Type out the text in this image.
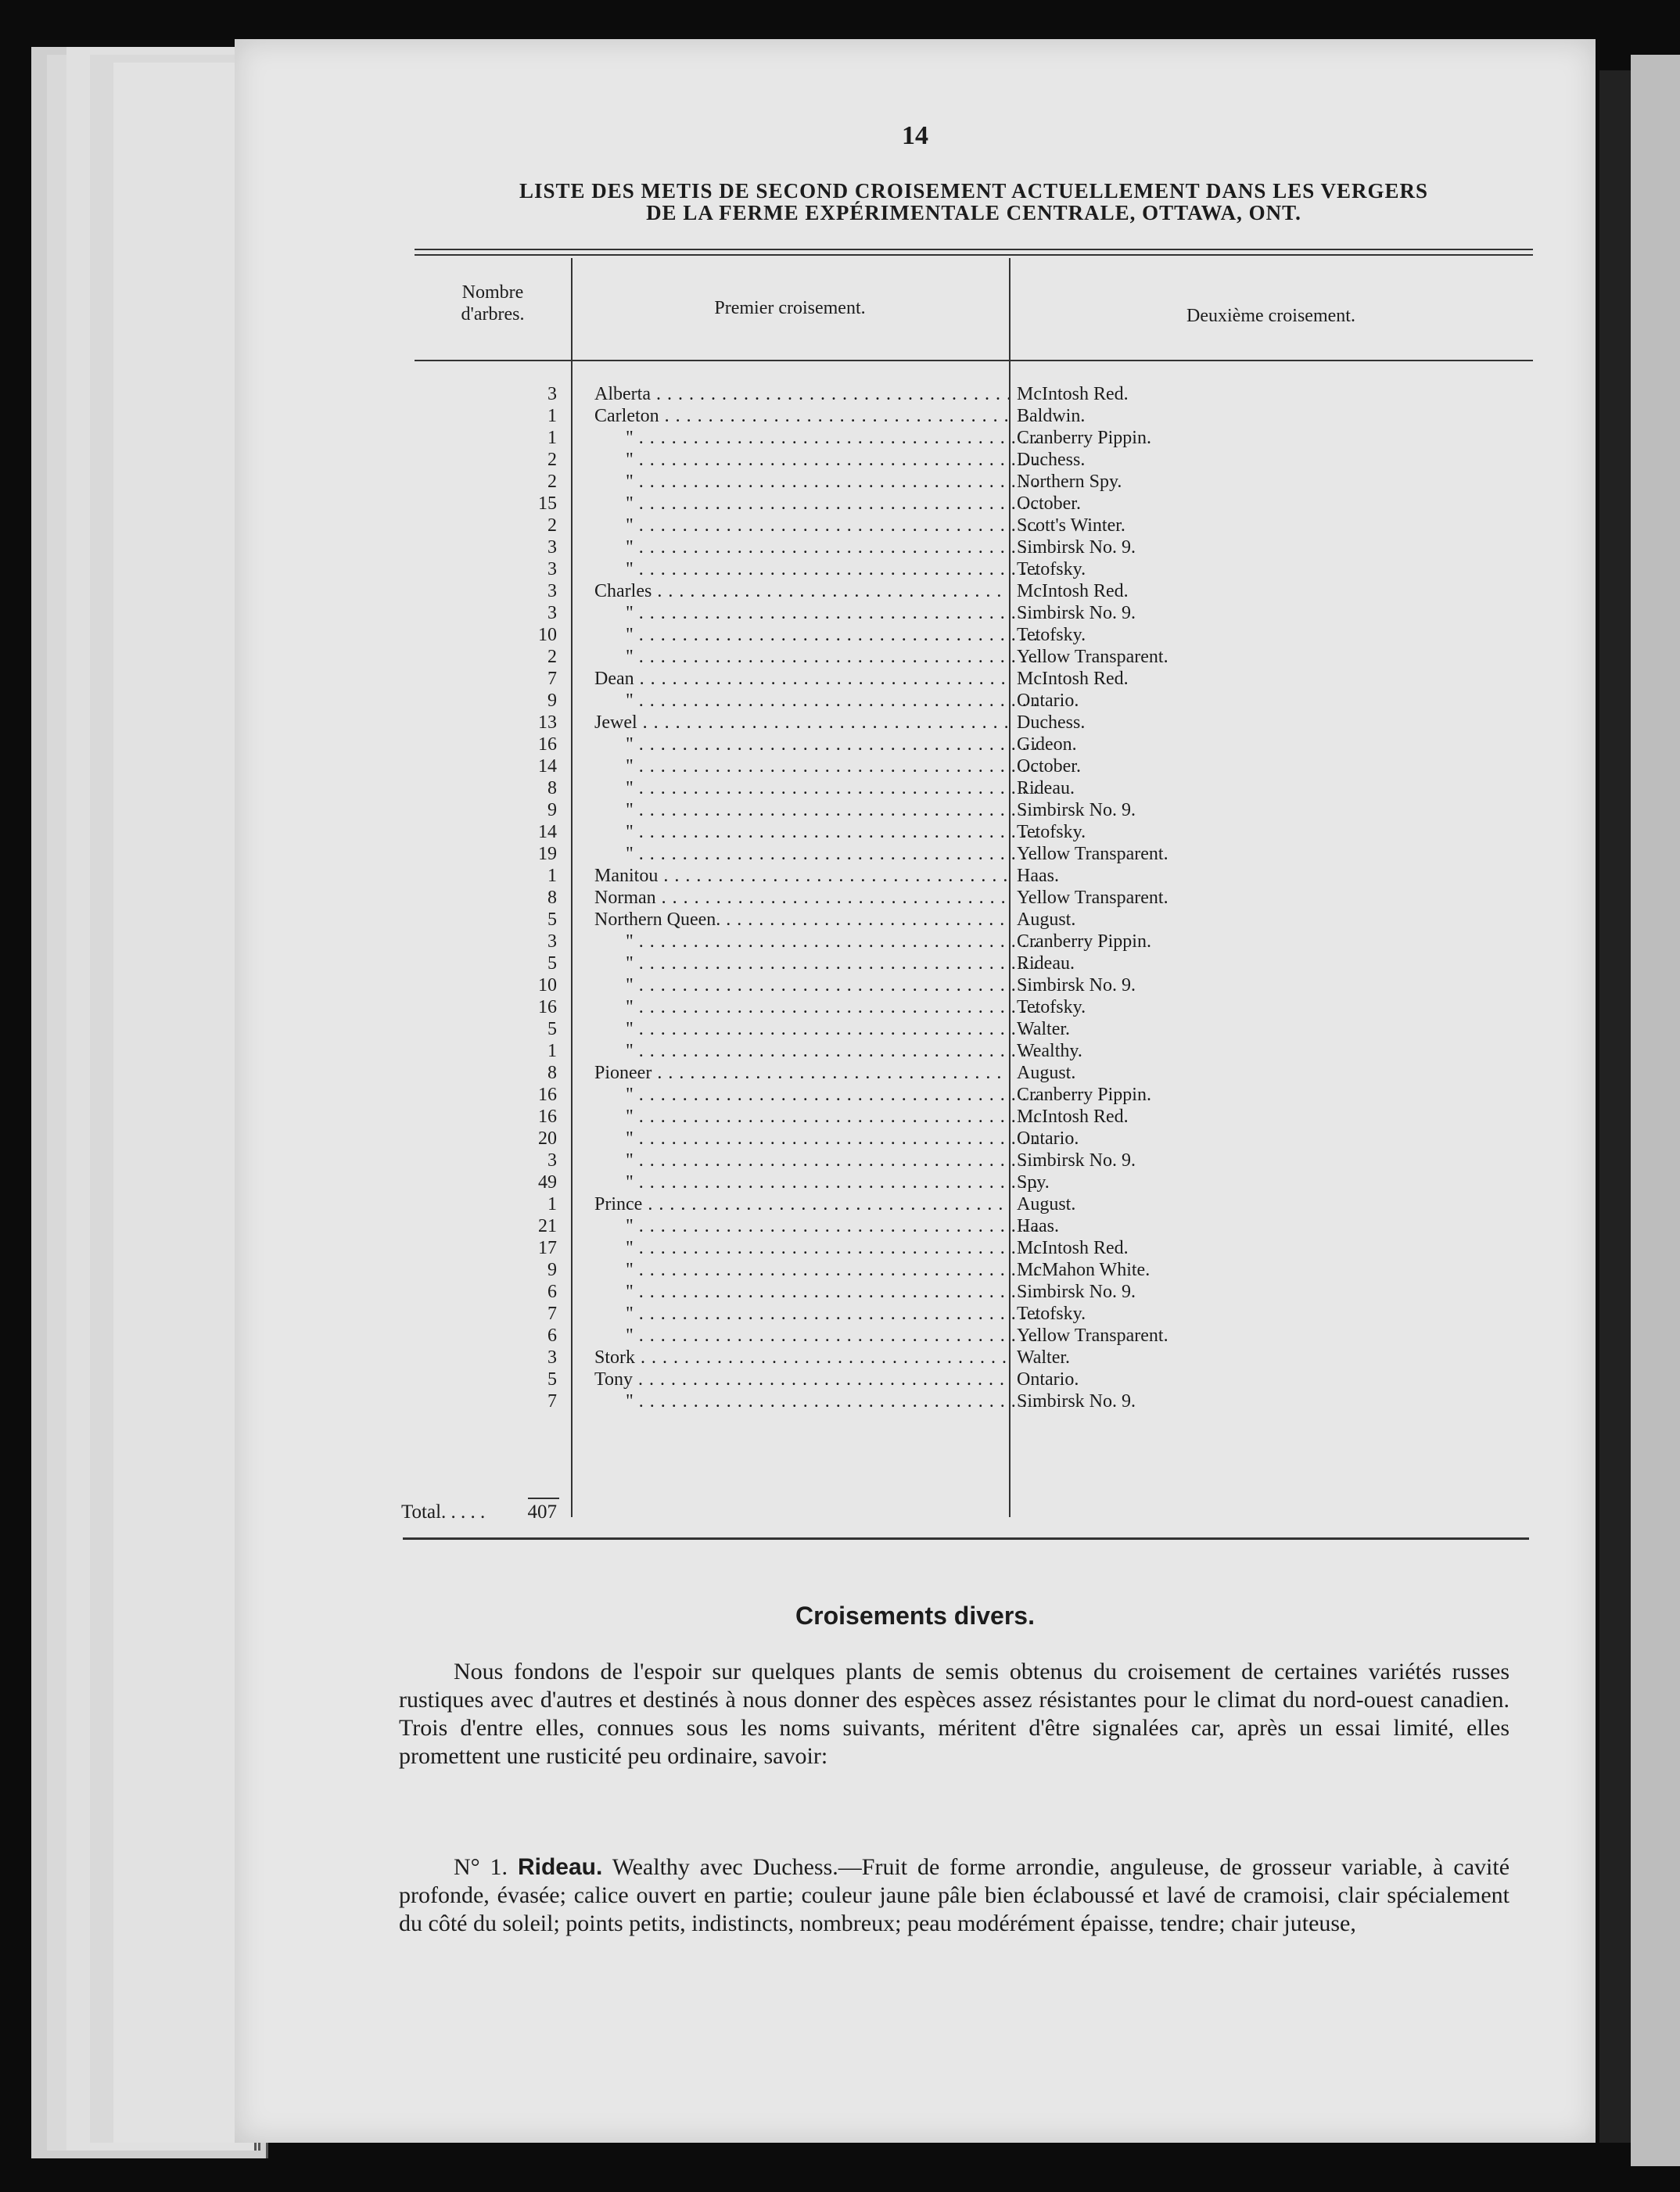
14
LISTE DES METIS DE SECOND CROISEMENT ACTUELLEMENT DANS LES VERGERS
DE LA FERME EXPÉRIMENTALE CENTRALE, OTTAWA, ONT.
Nombre
d'arbres.	Premier croisement.	Deuxième croisement.
3 Alberta . . .	McIntosh Red.
1 Carleton . . .	Baldwin.
1	" . . .	Cranberry Pippin.
2	" . . .	Duchess.
2	" . . .	Northern Spy.
15	" . . .	October.
2	" . . .	Scott's Winter.
3	" . . .	Simbirsk No. 9.
3	" . . .	Tetofsky.
3 Charles . . .	McIntosh Red.
3	" . . .	Simbirsk No. 9.
10	" . . .	Tetofsky.
2	" . . .	Yellow Transparent.
7 Dean . . .	McIntosh Red.
9	" . . .	Ontario.
13 Jewel . . .	Duchess.
16	" . . .	Gideon.
14	" . . .	October.
8	" . . .	Rideau.
9	" . . .	Simbirsk No. 9.
14	" . . .	Tetofsky.
19	" . . .	Yellow Transparent.
1 Manitou . . .	Haas.
8 Norman . . .	Yellow Transparent.
5 Northern Queen. . . .	August.
3	" . . .	Cranberry Pippin.
5	" . . .	Rideau.
10	" . . .	Simbirsk No. 9.
16	" . . .	Tetofsky.
5	" . . .	Walter.
1	" . . .	Wealthy.
8 Pioneer . . .	August.
16	" . . .	Cranberry Pippin.
16	" . . .	McIntosh Red.
20	" . . .	Ontario.
3	" . . .	Simbirsk No. 9.
49	" . . .	Spy.
1 Prince . . .	August.
21	" . . .	Haas.
17	" . . .	McIntosh Red.
9	" . . .	McMahon White.
6	" . . .	Simbirsk No. 9.
7	" . . .	Tetofsky.
6	" . . .	Yellow Transparent.
3 Stork . . .	Walter.
5 Tony . . .	Ontario.
7	" . . .	Simbirsk No. 9.
Total. . . . .	407
Croisements divers.
Nous fondons de l'espoir sur quelques plants de semis obtenus du croisement de certaines variétés russes rustiques avec d'autres et destinés à nous donner des espèces assez résistantes pour le climat du nord-ouest canadien. Trois d'entre elles, connues sous les noms suivants, méritent d'être signalées car, après un essai limité, elles promettent une rusticité peu ordinaire, savoir:
N° 1. Rideau. Wealthy avec Duchess.—Fruit de forme arrondie, anguleuse, de grosseur variable, à cavité profonde, évasée; calice ouvert en partie; couleur jaune pâle bien éclaboussé et lavé de cramoisi, clair spécialement du côté du soleil; points petits, indistincts, nombreux; peau modérément épaisse, tendre; chair juteuse,
